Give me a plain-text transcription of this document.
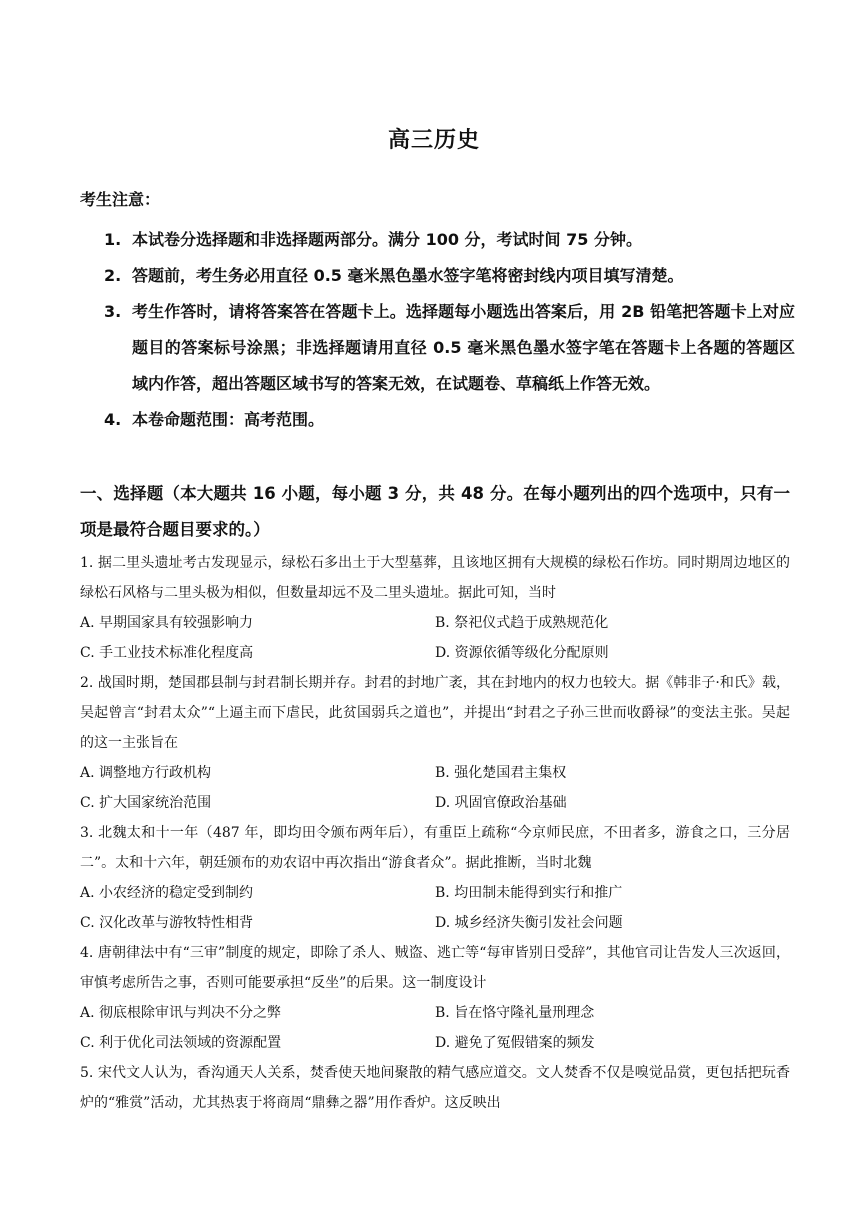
高三历史
考生注意：
1. 本试卷分选择题和非选择题两部分。满分 100 分，考试时间 75 分钟。
2. 答题前，考生务必用直径 0.5 毫米黑色墨水签字笔将密封线内项目填写清楚。
3. 考生作答时，请将答案答在答题卡上。选择题每小题选出答案后，用 2B 铅笔把答题卡上对应题目的答案标号涂黑；非选择题请用直径 0.5 毫米黑色墨水签字笔在答题卡上各题的答题区域内作答，超出答题区域书写的答案无效，在试题卷、草稿纸上作答无效。
4. 本卷命题范围：高考范围。
一、选择题（本大题共 16 小题，每小题 3 分，共 48 分。在每小题列出的四个选项中，只有一项是最符合题目要求的。）
1. 据二里头遗址考古发现显示，绿松石多出土于大型墓葬，且该地区拥有大规模的绿松石作坊。同时期周边地区的绿松石风格与二里头极为相似，但数量却远不及二里头遗址。据此可知，当时
A. 早期国家具有较强影响力	B. 祭祀仪式趋于成熟规范化
C. 手工业技术标准化程度高	D. 资源依循等级化分配原则
2. 战国时期，楚国郡县制与封君制长期并存。封君的封地广袤，其在封地内的权力也较大。据《韩非子·和氏》载，吴起曾言“封君太众”“上逼主而下虐民，此贫国弱兵之道也”，并提出“封君之子孙三世而收爵禄”的变法主张。吴起的这一主张旨在
A. 调整地方行政机构	B. 强化楚国君主集权
C. 扩大国家统治范围	D. 巩固官僚政治基础
3. 北魏太和十一年（487 年，即均田令颁布两年后），有重臣上疏称“今京师民庶，不田者多，游食之口，三分居二”。太和十六年，朝廷颁布的劝农诏中再次指出“游食者众”。据此推断，当时北魏
A. 小农经济的稳定受到制约	B. 均田制未能得到实行和推广
C. 汉化改革与游牧特性相背	D. 城乡经济失衡引发社会问题
4. 唐朝律法中有“三审”制度的规定，即除了杀人、贼盗、逃亡等“每审皆别日受辞”，其他官司让告发人三次返回，审慎考虑所告之事，否则可能要承担“反坐”的后果。这一制度设计
A. 彻底根除审讯与判决不分之弊	B. 旨在恪守隆礼量刑理念
C. 利于优化司法领域的资源配置	D. 避免了冤假错案的频发
5. 宋代文人认为，香沟通天人关系，焚香使天地间聚散的精气感应道交。文人焚香不仅是嗅觉品赏，更包括把玩香炉的“雅赏”活动，尤其热衷于将商周“鼎彝之器”用作香炉。这反映出
